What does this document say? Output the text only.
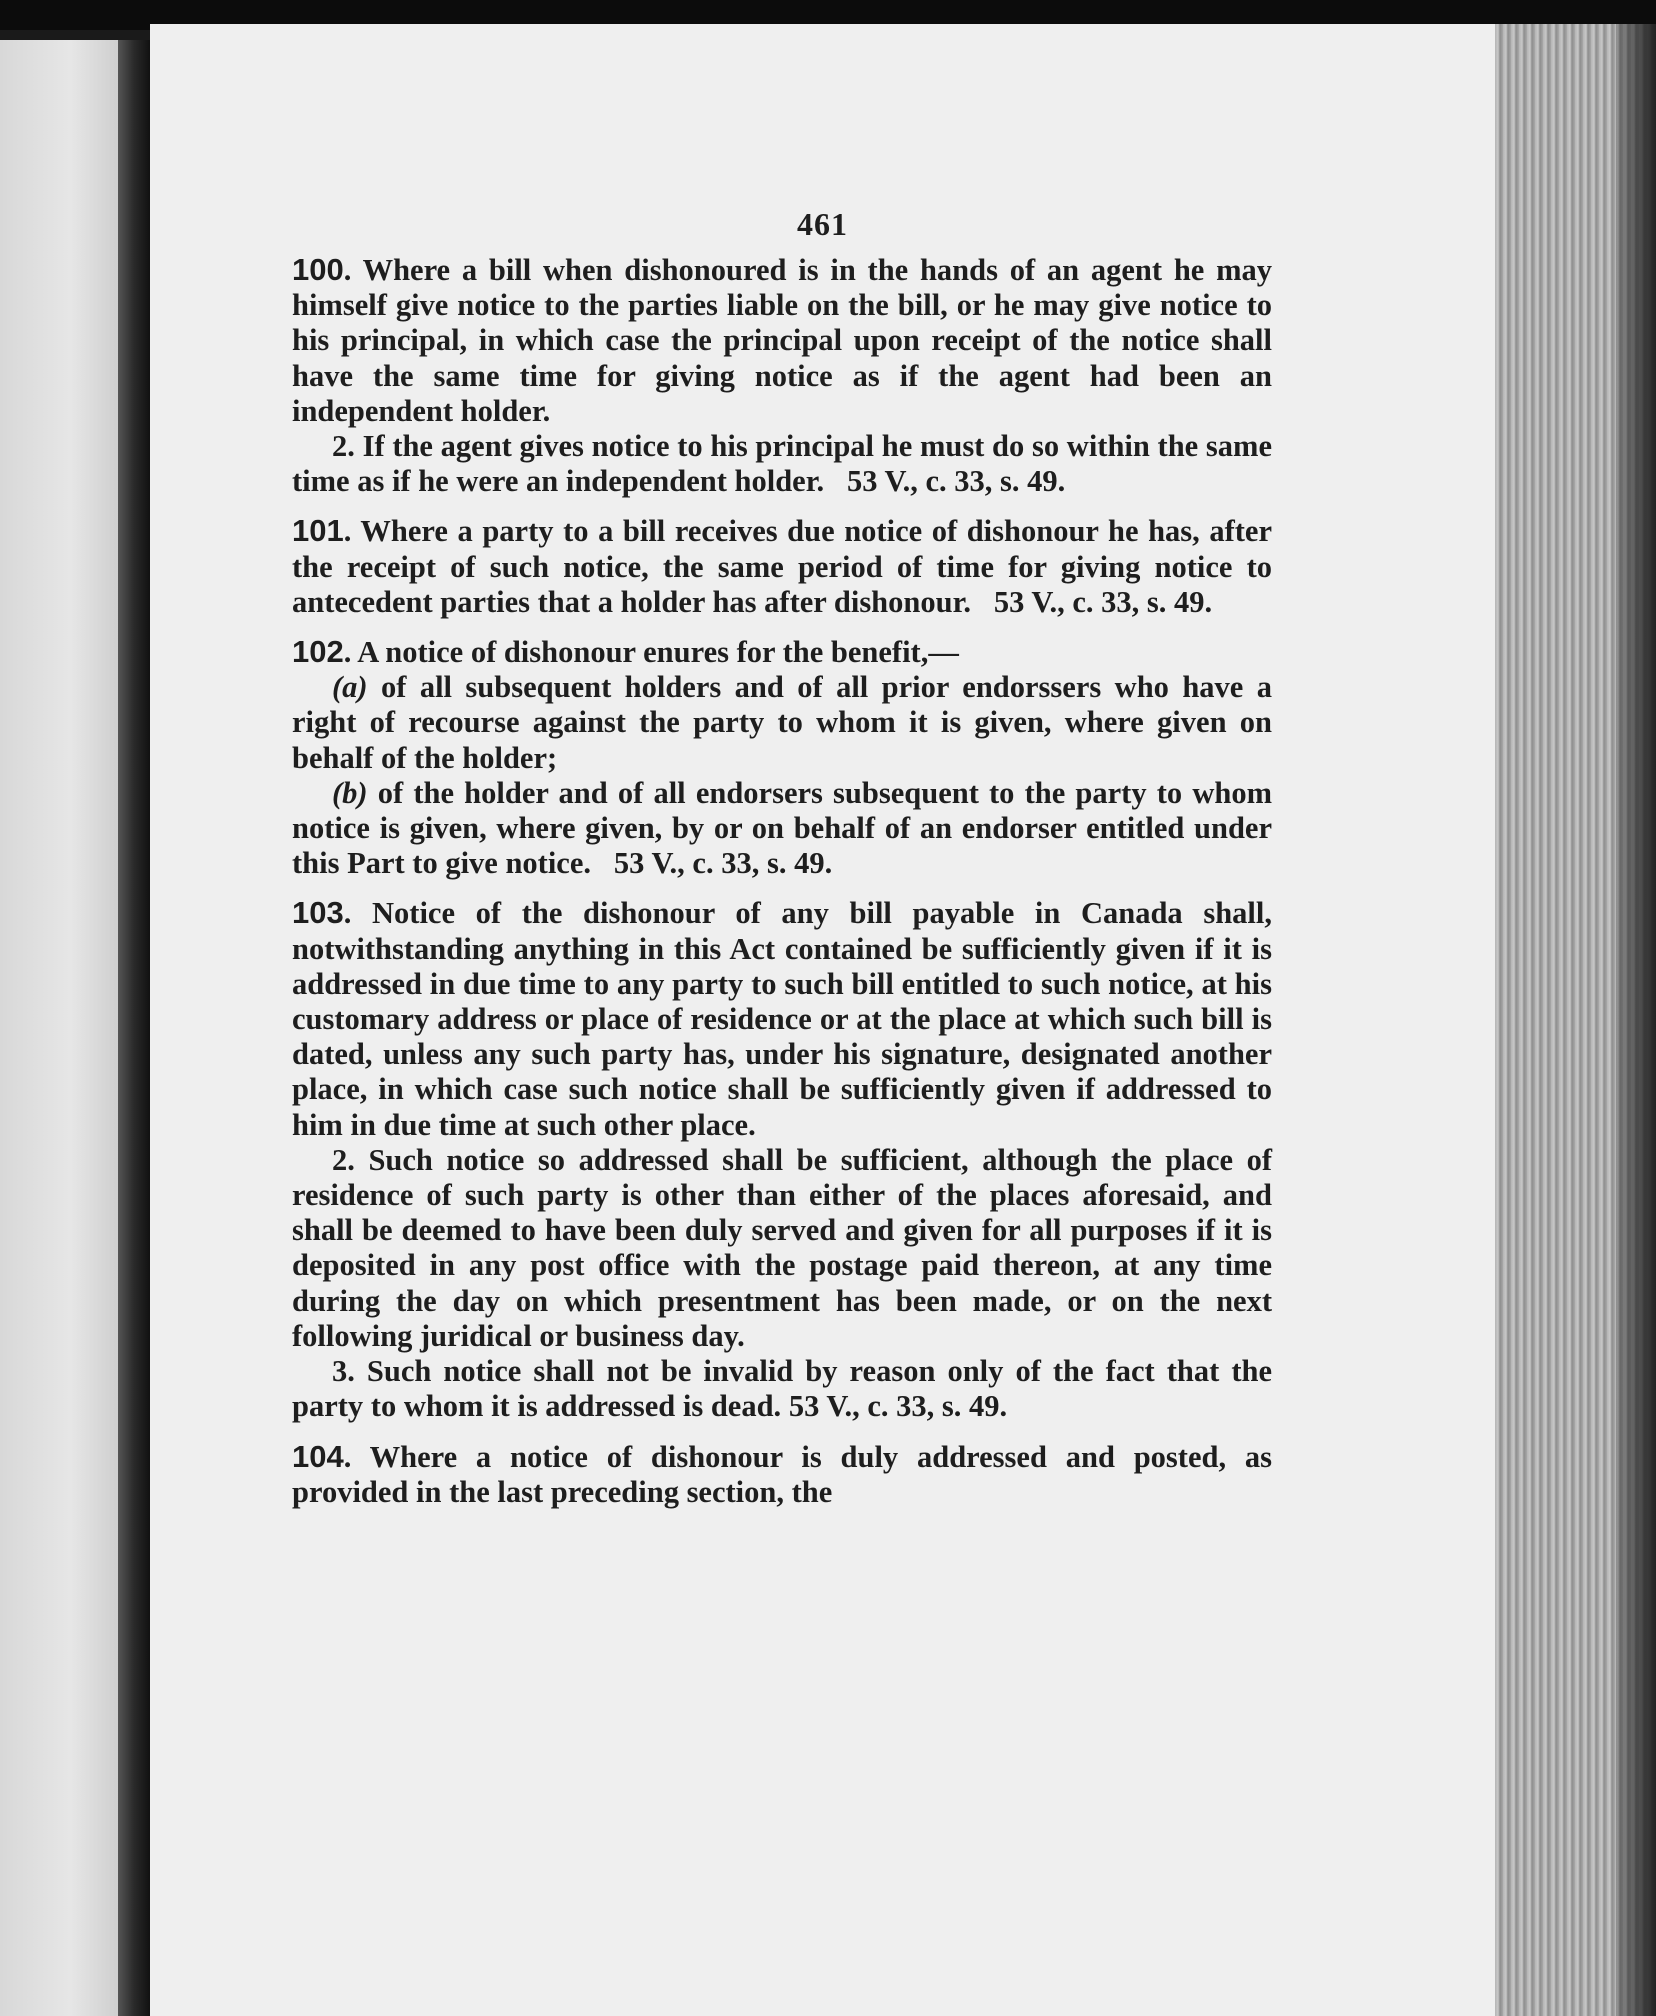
461

100. Where a bill when dishonoured is in the hands of an agent he may himself give notice to the parties liable on the bill, or he may give notice to his principal, in which case the principal upon receipt of the notice shall have the same time for giving notice as if the agent had been an independent holder.

2. If the agent gives notice to his principal he must do so within the same time as if he were an independent holder. 53 V., c. 33, s. 49.

101. Where a party to a bill receives due notice of dishonour he has, after the receipt of such notice, the same period of time for giving notice to antecedent parties that a holder has after dishonour. 53 V., c. 33, s. 49.

102. A notice of dishonour enures for the benefit,—

(a) of all subsequent holders and of all prior endorssers who have a right of recourse against the party to whom it is given, where given on behalf of the holder;

(b) of the holder and of all endorsers subsequent to the party to whom notice is given, where given, by or on behalf of an endorser entitled under this Part to give notice. 53 V., c. 33, s. 49.

103. Notice of the dishonour of any bill payable in Canada shall, notwithstanding anything in this Act contained be sufficiently given if it is addressed in due time to any party to such bill entitled to such notice, at his customary address or place of residence or at the place at which such bill is dated, unless any such party has, under his signature, designated another place, in which case such notice shall be sufficiently given if addressed to him in due time at such other place.

2. Such notice so addressed shall be sufficient, although the place of residence of such party is other than either of the places aforesaid, and shall be deemed to have been duly served and given for all purposes if it is deposited in any post office with the postage paid thereon, at any time during the day on which presentment has been made, or on the next following juridical or business day.

3. Such notice shall not be invalid by reason only of the fact that the party to whom it is addressed is dead. 53 V., c. 33, s. 49.

104. Where a notice of dishonour is duly addressed and posted, as provided in the last preceding section, the
